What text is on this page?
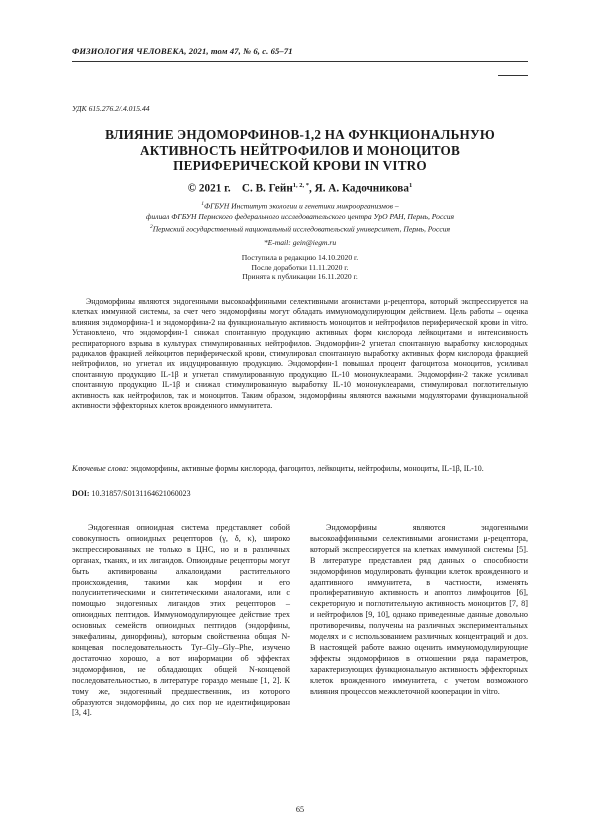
ФИЗИОЛОГИЯ ЧЕЛОВЕКА, 2021, том 47, № 6, с. 65–71
УДК 615.276.2/.4.015.44
ВЛИЯНИЕ ЭНДОМОРФИНОВ-1,2 НА ФУНКЦИОНАЛЬНУЮ
АКТИВНОСТЬ НЕЙТРОФИЛОВ И МОНОЦИТОВ
ПЕРИФЕРИЧЕСКОЙ КРОВИ IN VITRO
© 2021 г. С. В. Гейн$^{1, 2, *}$, Я. А. Кадочникова$^1$
$^1$ФГБУН Институт экологии и генетики микроорганизмов –
филиал ФГБУН Пермского федерального исследовательского центра УрО РАН, Пермь, Россия
$^2$Пермский государственный национальный исследовательский университет, Пермь, Россия
*E-mail: gein@iegm.ru
Поступила в редакцию 14.10.2020 г.
После доработки 11.11.2020 г.
Принята к публикации 16.11.2020 г.
Эндоморфины являются эндогенными высокоаффинными селективными агонистами μ-рецептора, который экспрессируется на клетках иммунной системы, за счет чего эндоморфины могут обладать иммуномодулирующим действием. Цель работы – оценка влияния эндоморфина-1 и эндоморфина-2 на функциональную активность моноцитов и нейтрофилов периферической крови in vitro. Установлено, что эндоморфин-1 снижал спонтанную продукцию активных форм кислорода лейкоцитами и интенсивность респираторного взрыва в культурах стимулированных нейтрофилов. Эндоморфин-2 угнетал спонтанную выработку кислородных радикалов фракцией лейкоцитов периферической крови, стимулировал спонтанную выработку активных форм кислорода фракцией нейтрофилов, но угнетал их индуцированную продукцию. Эндоморфин-1 повышал процент фагоцитоза моноцитов, усиливал спонтанную продукцию IL-1β и угнетал стимулированную продукцию IL-10 мононуклеарами. Эндоморфин-2 также усиливал спонтанную продукцию IL-1β и снижал стимулированную выработку IL-10 мононуклеарами, стимулировал поглотительную активность как нейтрофилов, так и моноцитов. Таким образом, эндоморфины являются важными модуляторами функциональной активности эффекторных клеток врожденного иммунитета.
Ключевые слова: эндоморфины, активные формы кислорода, фагоцитоз, лейкоциты, нейтрофилы, моноциты, IL-1β, IL-10.
DOI: 10.31857/S0131164621060023

Эндогенная опиоидная система представляет собой совокупность опиоидных рецепторов (γ, δ, κ), широко экспрессированных не только в ЦНС, но и в различных органах, тканях, и их лигандов. Опиоидные рецепторы могут быть активированы алкалоидами растительного происхождения, такими как морфин и его полусинтетическими и синтетическими аналогами, или с помощью эндогенных лигандов этих рецепторов – опиоидных пептидов. Иммуномодулирующее действие трех основных семейств опиоидных пептидов (эндорфины, энкефалины, динорфины), которым свойственна общая N-концевая последовательность Tyr–Gly–Gly–Phe, изучено достаточно хорошо, а вот информации об эффектах эндоморфинов, не обладающих общей N-концевой последовательностью, в литературе гораздо меньше [1, 2]. К тому же, эндогенный предшественник, из которого образуются эндоморфины, до сих пор не идентифицирован [3, 4].

Эндоморфины являются эндогенными высокоаффинными селективными агонистами μ-рецептора, который экспрессируется на клетках иммунной системы [5]. В литературе представлен ряд данных о способности эндоморфинов модулировать функции клеток врожденного и адаптивного иммунитета, в частности, изменять пролиферативную активность и апоптоз лимфоцитов [6], секреторную и поглотительную активность моноцитов [7, 8] и нейтрофилов [9, 10], однако приведенные данные довольно противоречивы, получены на различных экспериментальных моделях и с использованием различных концентраций и доз. В настоящей работе важно оценить иммуномодулирующие эффекты эндоморфинов в отношении ряда параметров, характеризующих функциональную активность эффекторных клеток врожденного иммунитета, с учетом возможного влияния процессов межклеточной кооперации in vitro.

65
